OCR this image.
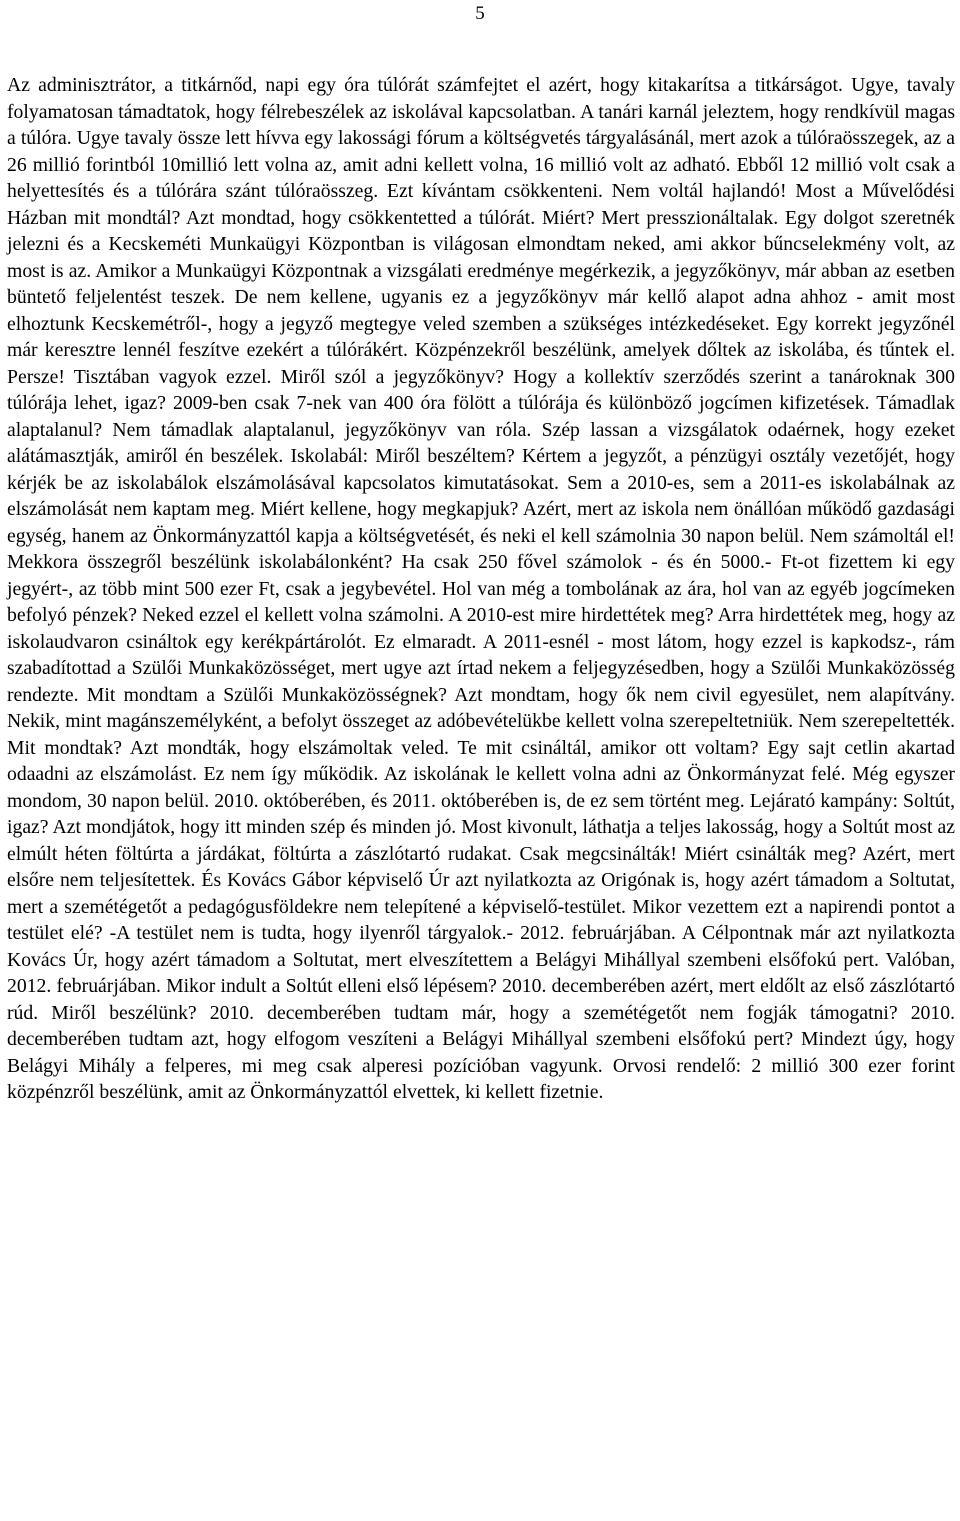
5

Az adminisztrátor, a titkárnőd, napi egy óra túlórát számfejtet el azért, hogy kitakarítsa a titkárságot. Ugye, tavaly folyamatosan támadtatok, hogy félrebeszélek az iskolával kapcsolatban. A tanári karnál jeleztem, hogy rendkívül magas a túlóra. Ugye tavaly össze lett hívva egy lakossági fórum a költségvetés tárgyalásánál, mert azok a túlóraösszegek, az a 26 millió forintból 10millió lett volna az, amit adni kellett volna, 16 millió volt az adható. Ebből 12 millió volt csak a helyettesítés és a túlórára szánt túlóraösszeg. Ezt kívántam csökkenteni. Nem voltál hajlandó! Most a Művelődési Házban mit mondtál? Azt mondtad, hogy csökkentetted a túlórát. Miért? Mert presszionáltalak. Egy dolgot szeretnék jelezni és a Kecskeméti Munkaügyi Központban is világosan elmondtam neked, ami akkor bűncselekmény volt, az most is az. Amikor a Munkaügyi Központnak a vizsgálati eredménye megérkezik, a jegyzőkönyv, már abban az esetben büntető feljelentést teszek. De nem kellene, ugyanis ez a jegyzőkönyv már kellő alapot adna ahhoz - amit most elhoztunk Kecskemétről-, hogy a jegyző megtegye veled szemben a szükséges intézkedéseket. Egy korrekt jegyzőnél már keresztre lennél feszítve ezekért a túlórákért. Közpénzekről beszélünk, amelyek dőltek az iskolába, és tűntek el. Persze! Tisztában vagyok ezzel. Miről szól a jegyzőkönyv? Hogy a kollektív szerződés szerint a tanároknak 300 túlórája lehet, igaz? 2009-ben csak 7-nek van 400 óra fölött a túlórája és különböző jogcímen kifizetések. Támadlak alaptalanul? Nem támadlak alaptalanul, jegyzőkönyv van róla. Szép lassan a vizsgálatok odaérnek, hogy ezeket alátámasztják, amiről én beszélek. Iskolabál: Miről beszéltem? Kértem a jegyzőt, a pénzügyi osztály vezetőjét, hogy kérjék be az iskolabálok elszámolásával kapcsolatos kimutatásokat. Sem a 2010-es, sem a 2011-es iskolabálnak az elszámolását nem kaptam meg. Miért kellene, hogy megkapjuk? Azért, mert az iskola nem önállóan működő gazdasági egység, hanem az Önkormányzattól kapja a költségvetését, és neki el kell számolnia 30 napon belül. Nem számoltál el! Mekkora összegről beszélünk iskolabálonként? Ha csak 250 fővel számolok - és én 5000.- Ft-ot fizettem ki egy jegyért-, az több mint 500 ezer Ft, csak a jegybevétel. Hol van még a tombolának az ára, hol van az egyéb jogcímeken befolyó pénzek? Neked ezzel el kellett volna számolni. A 2010-est mire hirdettétek meg? Arra hirdettétek meg, hogy az iskolaudvaron csináltok egy kerékpártárolót. Ez elmaradt. A 2011-esnél - most látom, hogy ezzel is kapkodsz-, rám szabadítottad a Szülői Munkaközösséget, mert ugye azt írtad nekem a feljegyzésedben, hogy a Szülői Munkaközösség rendezte. Mit mondtam a Szülői Munkaközösségnek? Azt mondtam, hogy ők nem civil egyesület, nem alapítvány. Nekik, mint magánszemélyként, a befolyt összeget az adóbevételükbe kellett volna szerepeltetniük. Nem szerepeltették. Mit mondtak? Azt mondták, hogy elszámoltak veled. Te mit csináltál, amikor ott voltam? Egy sajt cetlin akartad odaadni az elszámolást. Ez nem így működik. Az iskolának le kellett volna adni az Önkormányzat felé. Még egyszer mondom, 30 napon belül. 2010. októberében, és 2011. októberében is, de ez sem történt meg. Lejárató kampány: Soltút, igaz? Azt mondjátok, hogy itt minden szép és minden jó. Most kivonult, láthatja a teljes lakosság, hogy a Soltút most az elmúlt héten föltúrta a járdákat, föltúrta a zászlótartó rudakat. Csak megcsinálták! Miért csinálták meg? Azért, mert elsőre nem teljesítettek. És Kovács Gábor képviselő Úr azt nyilatkozta az Origónak is, hogy azért támadom a Soltutat, mert a szemétégetőt a pedagógusföldekre nem telepítené a képviselő-testület. Mikor vezettem ezt a napirendi pontot a testület elé? -A testület nem is tudta, hogy ilyenről tárgyalok.- 2012. februárjában. A Célpontnak már azt nyilatkozta Kovács Úr, hogy azért támadom a Soltutat, mert elveszítettem a Belágyi Mihállyal szembeni elsőfokú pert. Valóban, 2012. februárjában. Mikor indult a Soltút elleni első lépésem? 2010. decemberében azért, mert eldőlt az első zászlótartó rúd. Miről beszélünk? 2010. decemberében tudtam már, hogy a szemétégetőt nem fogják támogatni? 2010. decemberében tudtam azt, hogy elfogom veszíteni a Belágyi Mihállyal szembeni elsőfokú pert? Mindezt úgy, hogy Belágyi Mihály a felperes, mi meg csak alperesi pozícióban vagyunk. Orvosi rendelő: 2 millió 300 ezer forint közpénzről beszélünk, amit az Önkormányzattól elvettek, ki kellett fizetnie.
